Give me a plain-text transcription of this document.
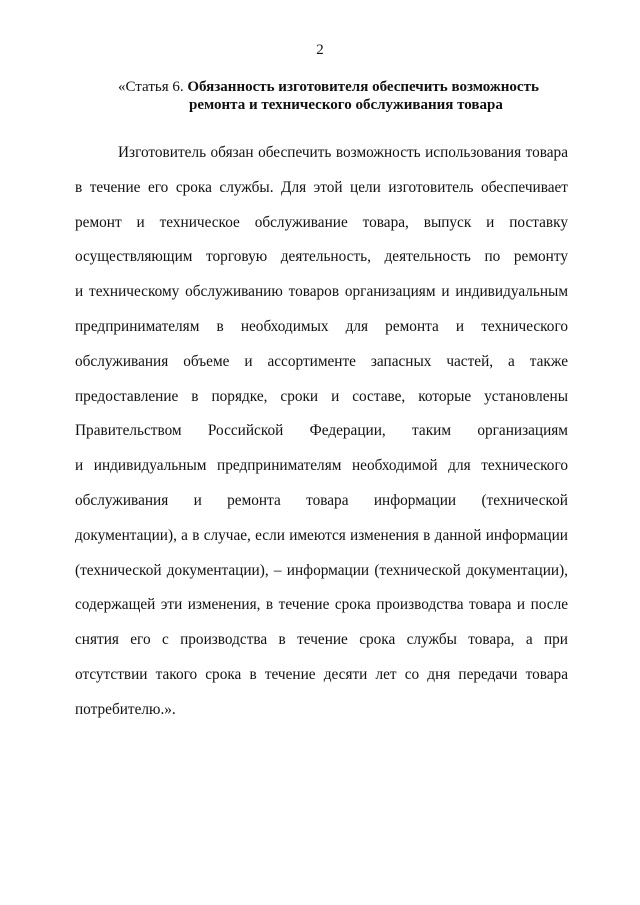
2
«Статья 6. Обязанность изготовителя обеспечить возможность
ремонта и технического обслуживания товара
Изготовитель обязан обеспечить возможность использования товара
в течение его срока службы. Для этой цели изготовитель обеспечивает
ремонт и техническое обслуживание товара, выпуск и поставку
осуществляющим торговую деятельность, деятельность по ремонту
и техническому обслуживанию товаров организациям и индивидуальным
предпринимателям в необходимых для ремонта и технического
обслуживания объеме и ассортименте запасных частей, а также
предоставление в порядке, сроки и составе, которые установлены
Правительством Российской Федерации, таким организациям
и индивидуальным предпринимателям необходимой для технического
обслуживания и ремонта товара информации (технической
документации), а в случае, если имеются изменения в данной информации
(технической документации), – информации (технической документации),
содержащей эти изменения, в течение срока производства товара и после
снятия его с производства в течение срока службы товара, а при
отсутствии такого срока в течение десяти лет со дня передачи товара
потребителю.».
